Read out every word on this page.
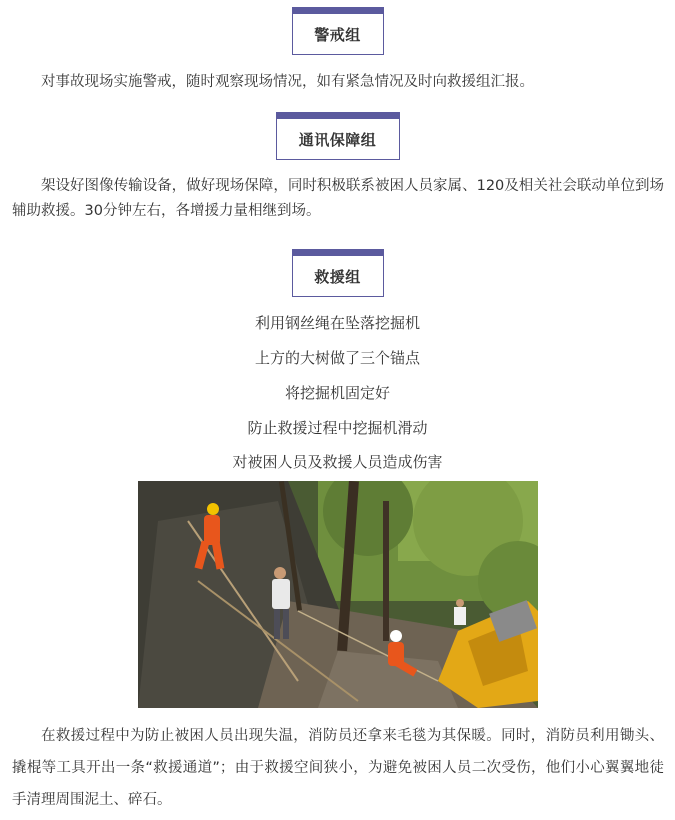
警戒组

对事故现场实施警戒，随时观察现场情况，如有紧急情况及时向救援组汇报。

通讯保障组

架设好图像传输设备，做好现场保障，同时积极联系被困人员家属、120及相关社会联动单位到场辅助救援。30分钟左右，各增援力量相继到场。

救援组

利用钢丝绳在坠落挖掘机

上方的大树做了三个锚点

将挖掘机固定好

防止救援过程中挖掘机滑动

对被困人员及救援人员造成伤害

在救援过程中为防止被困人员出现失温，消防员还拿来毛毯为其保暖。同时，消防员利用锄头、撬棍等工具开出一条“救援通道”；由于救援空间狭小，为避免被困人员二次受伤，他们小心翼翼地徒手清理周围泥土、碎石。
